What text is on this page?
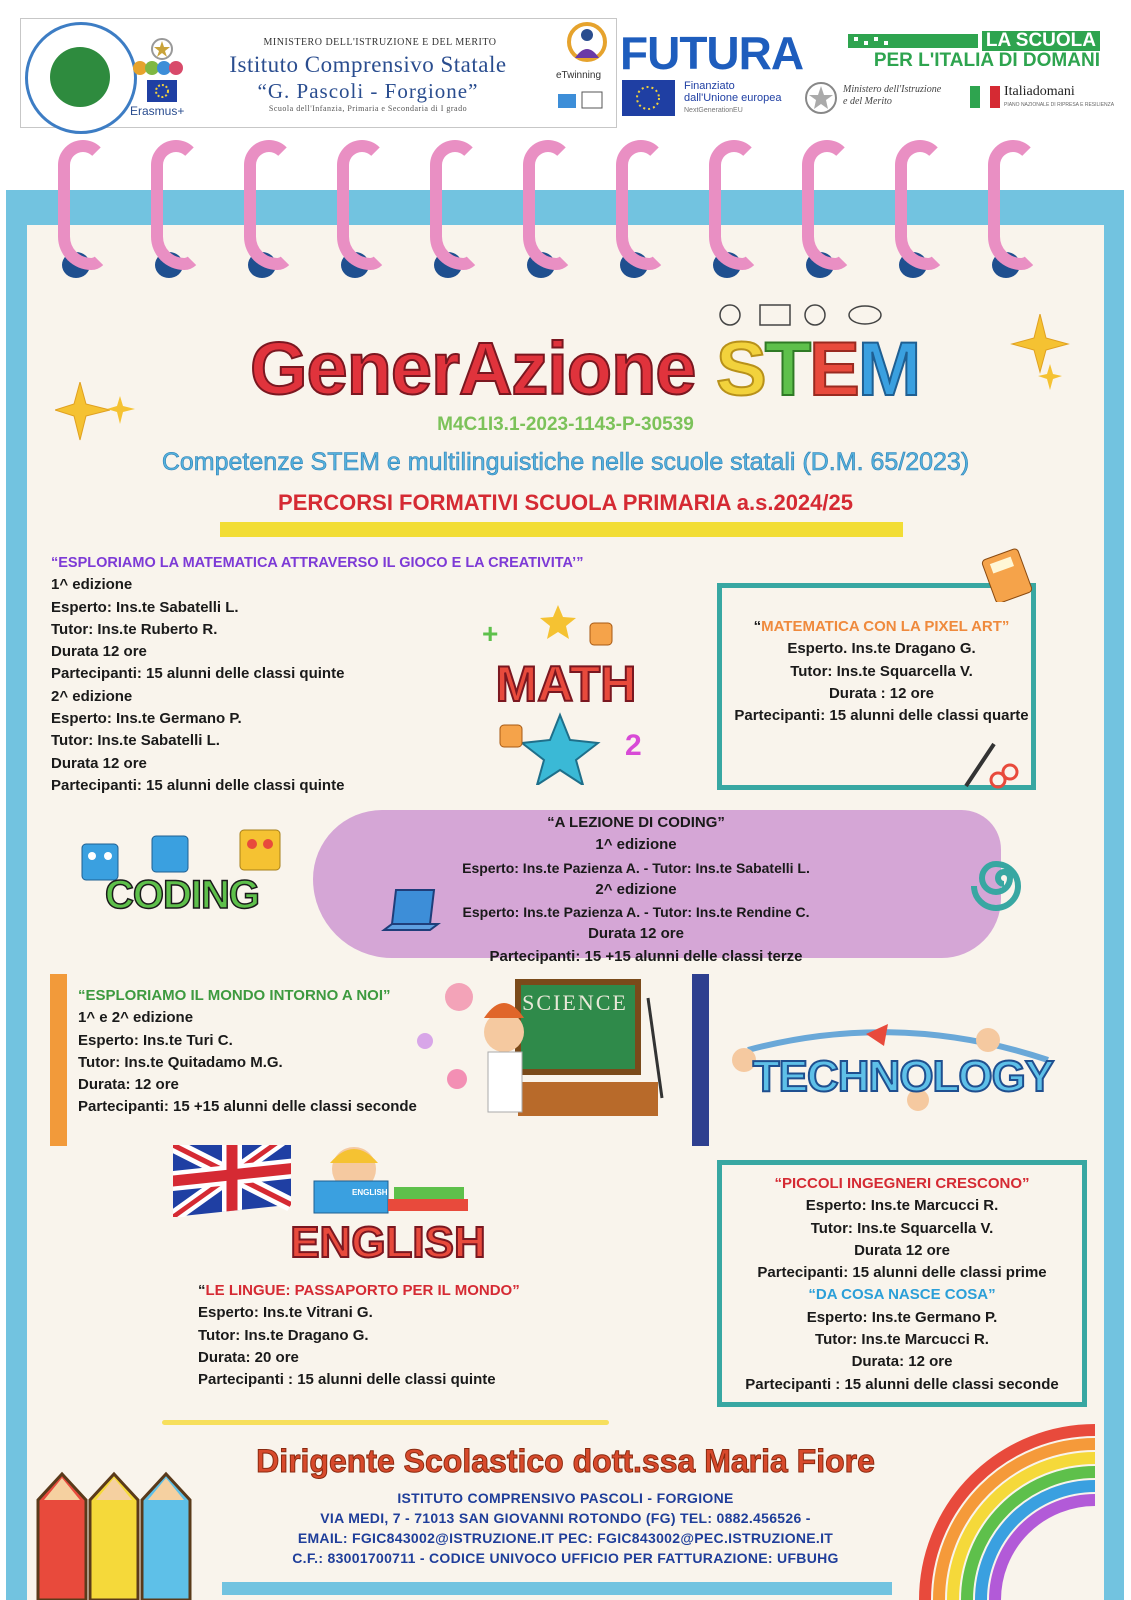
Erasmus+
MINISTERO DELL'ISTRUZIONE E DEL MERITO
Istituto Comprensivo Statale
“G. Pascoli - Forgione”
Scuola dell'Infanzia, Primaria e Secondaria di I grado
eTwinning FUTURA	LA SCUOLA
PER L'ITALIA DI DOMANI
Finanziato
dall'Unione europea
NextGenerationEU
Ministero dell'Istruzione
e del Merito
Italiadomani
PIANO NAZIONALE DI RIPRESA E RESILIENZA
GenerAzione STEM
M4C1I3.1-2023-1143-P-30539
Competenze STEM e multilinguistiche nelle scuole statali (D.M. 65/2023)
PERCORSI FORMATIVI SCUOLA PRIMARIA a.s.2024/25
“ESPLORIAMO LA MATEMATICA ATTRAVERSO IL GIOCO E LA CREATIVITA’”
1^ edizione
Esperto: Ins.te Sabatelli L.
Tutor: Ins.te Ruberto R.
Durata 12 ore
Partecipanti: 15 alunni delle classi quinte
2^ edizione
Esperto: Ins.te Germano P.
Tutor: Ins.te Sabatelli L.
Durata 12 ore
Partecipanti: 15 alunni delle classi quinte
+
2
MATH
“MATEMATICA CON LA PIXEL ART”
Esperto. Ins.te Dragano G.
Tutor: Ins.te Squarcella V.
Durata : 12 ore
Partecipanti: 15 alunni delle classi quarte
CODING
“A LEZIONE DI CODING”
1^ edizione
Esperto: Ins.te Pazienza A. - Tutor: Ins.te Sabatelli L.
2^ edizione
Esperto: Ins.te Pazienza A. - Tutor: Ins.te Rendine C.
Durata 12 ore
Partecipanti: 15 +15 alunni delle classi terze
“ESPLORIAMO IL MONDO INTORNO A NOI”
1^ e 2^ edizione
Esperto: Ins.te Turi C.
Tutor: Ins.te Quitadamo M.G.
Durata: 12 ore
Partecipanti: 15 +15 alunni delle classi seconde
SCIENCE
TECHNOLOGY
ENGLISH
ENGLISH
“LE LINGUE: PASSAPORTO PER IL MONDO”
Esperto: Ins.te Vitrani G.
Tutor: Ins.te Dragano G.
Durata: 20 ore
Partecipanti : 15 alunni delle classi quinte
“PICCOLI INGEGNERI CRESCONO”
Esperto: Ins.te Marcucci R.
Tutor: Ins.te Squarcella V.
Durata 12 ore
Partecipanti: 15 alunni delle classi prime
“DA COSA NASCE COSA”
Esperto: Ins.te Germano P.
Tutor: Ins.te Marcucci R.
Durata: 12 ore
Partecipanti : 15 alunni delle classi seconde
Dirigente Scolastico dott.ssa Maria Fiore
ISTITUTO COMPRENSIVO PASCOLI - FORGIONE
VIA MEDI, 7 - 71013 SAN GIOVANNI ROTONDO (FG) TEL: 0882.456526 -
EMAIL: FGIC843002@ISTRUZIONE.IT PEC: FGIC843002@PEC.ISTRUZIONE.IT
C.F.: 83001700711 - CODICE UNIVOCO UFFICIO PER FATTURAZIONE: UFBUHG
